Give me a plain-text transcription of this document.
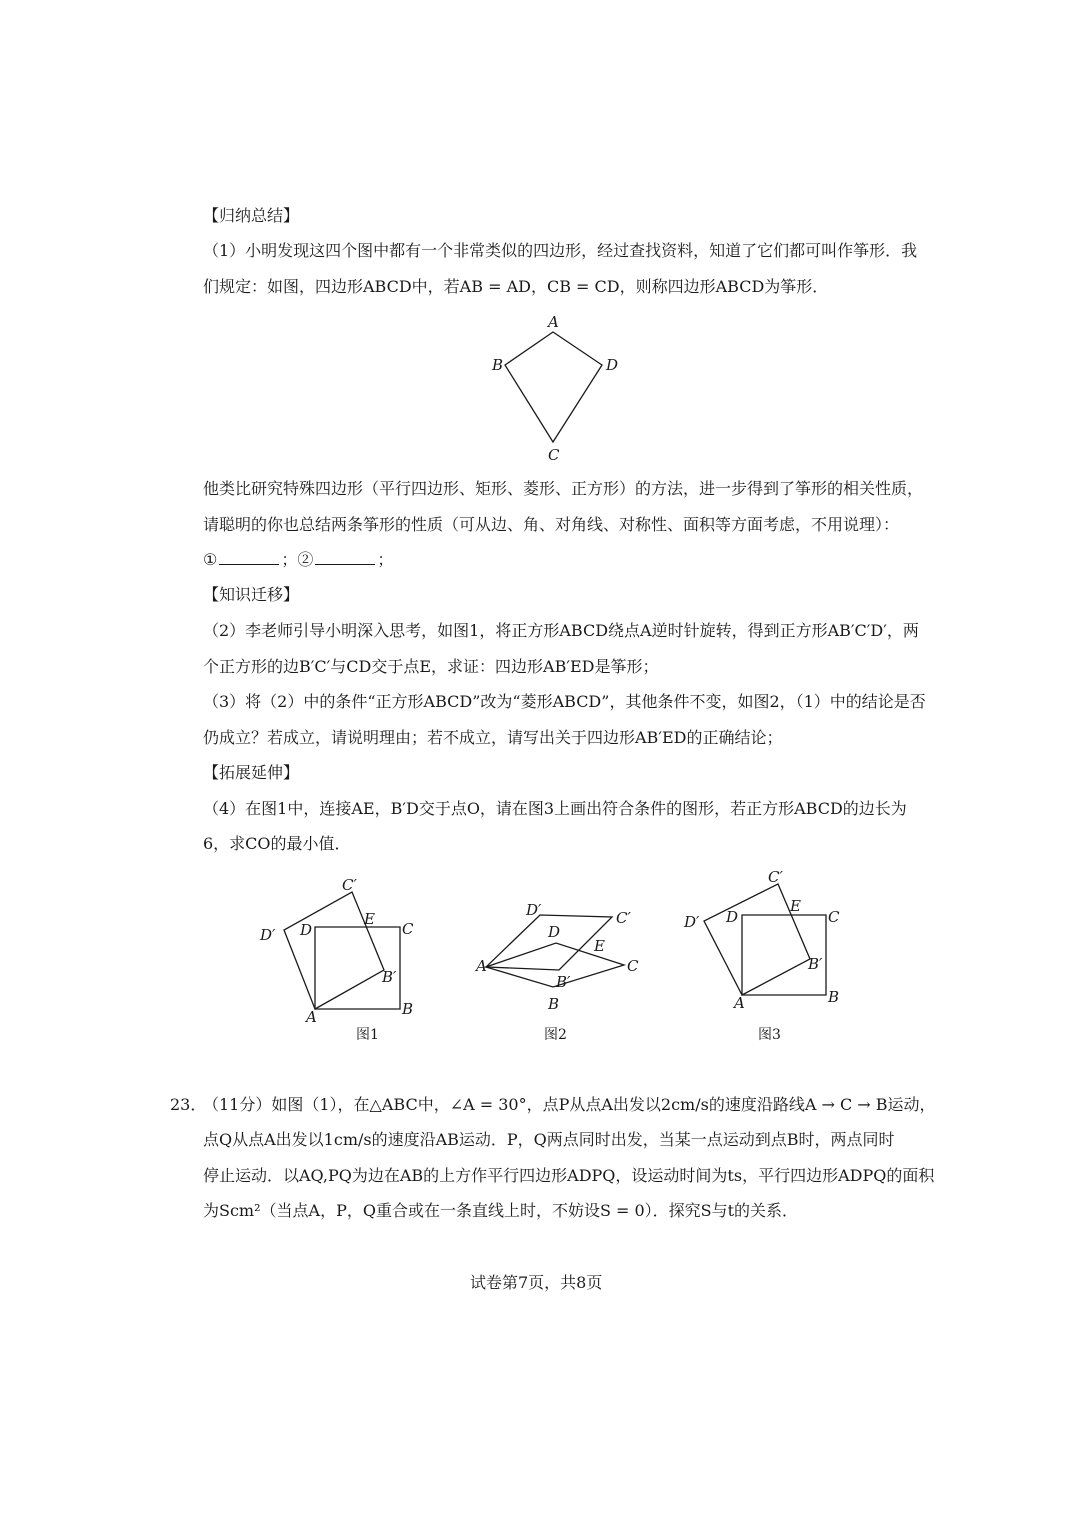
【归纳总结】
（1）小明发现这四个图中都有一个非常类似的四边形，经过查找资料，知道了它们都可叫作筝形．我
们规定：如图，四边形ABCD中，若AB = AD，CB = CD，则称四边形ABCD为筝形．
A
B
C
D
他类比研究特殊四边形（平行四边形、矩形、菱形、正方形）的方法，进一步得到了筝形的相关性质，
请聪明的你也总结两条筝形的性质（可从边、角、对角线、对称性、面积等方面考虑，不用说理）：
①	；②	；
【知识迁移】
（2）李老师引导小明深入思考，如图1，将正方形ABCD绕点A逆时针旋转，得到正方形AB′C′D′，两
个正方形的边B′C′与CD交于点E，求证：四边形AB′ED是筝形；
（3）将（2）中的条件“正方形ABCD”改为“菱形ABCD”，其他条件不变，如图2，（1）中的结论是否
仍成立？若成立，请说明理由；若不成立，请写出关于四边形AB′ED的正确结论；
【拓展延伸】
（4）在图1中，连接AE，B′D交于点O，请在图3上画出符合条件的图形，若正方形ABCD的边长为
6，求CO的最小值．
A	B
C
D
B′
C′
D′
E
图1
A
B
C
D
B′
C′
D′
E
图2
A	B
C
D
B′
C′
D′
E
图3
23．
（11分）如图（1），在△ABC中，∠A = 30°，点P从点A出发以2cm/s的速度沿路线A → C → B运动，
点Q从点A出发以1cm/s的速度沿AB运动．P，Q两点同时出发，当某一点运动到点B时，两点同时
停止运动．以AQ,PQ为边在AB的上方作平行四边形ADPQ，设运动时间为ts，平行四边形ADPQ的面积
为Scm²（当点A，P，Q重合或在一条直线上时，不妨设S = 0）．探究S与t的关系．
试卷第7页，共8页
